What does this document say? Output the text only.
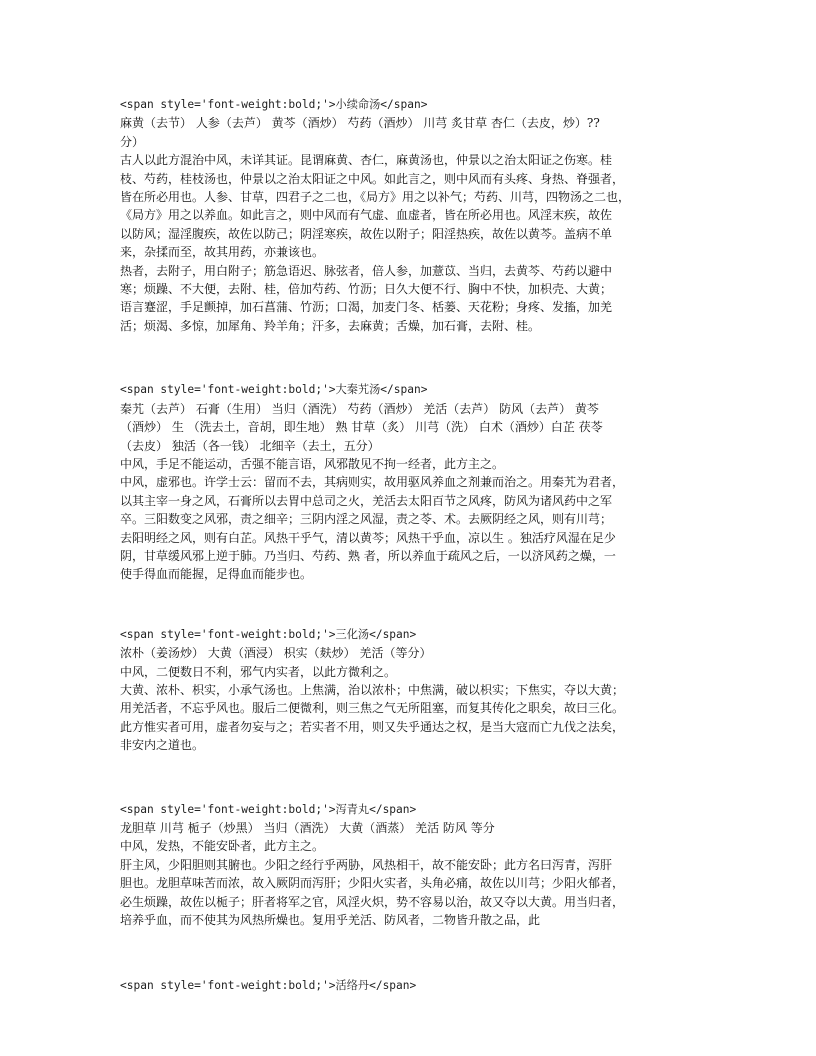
<span style='font-weight:bold;'>小续命汤</span>
麻黄（去节） 人参（去芦） 黄芩（酒炒） 芍药（酒炒） 川芎 炙甘草 杏仁（去皮，炒）??
分）
古人以此方混治中风，未详其证。昆谓麻黄、杏仁，麻黄汤也，仲景以之治太阳证之伤寒。桂
枝、芍药，桂枝汤也，仲景以之治太阳证之中风。如此言之，则中风而有头疼、身热、脊强者，
皆在所必用也。人参、甘草，四君子之二也，《局方》用之以补气；芍药、川芎，四物汤之二也，
《局方》用之以养血。如此言之，则中风而有气虚、血虚者，皆在所必用也。风淫末疾，故佐
以防风；湿淫腹疾，故佐以防己；阴淫寒疾，故佐以附子；阳淫热疾，故佐以黄芩。盖病不单
来，杂揉而至，故其用药，亦兼该也。
热者，去附子，用白附子；筋急语迟、脉弦者，倍人参，加薏苡、当归，去黄芩、芍药以避中
寒；烦躁、不大便，去附、桂，倍加芍药、竹沥；日久大便不行、胸中不快，加枳壳、大黄；
语言蹇涩，手足颤掉，加石菖蒲、竹沥；口渴，加麦门冬、栝蒌、天花粉；身疼、发搐，加羌
活；烦渴、多惊，加犀角、羚羊角；汗多，去麻黄；舌燥，加石膏，去附、桂。
<span style='font-weight:bold;'>大秦艽汤</span>
秦艽（去芦） 石膏（生用） 当归（酒洗） 芍药（酒炒） 羌活（去芦） 防风（去芦） 黄芩
（酒炒） 生 （洗去土，音胡，即生地） 熟 甘草（炙） 川芎（洗） 白术（酒炒）白芷 茯苓
（去皮） 独活（各一钱） 北细辛（去土，五分）
中风，手足不能运动，舌强不能言语，风邪散见不拘一经者，此方主之。
中风，虚邪也。许学士云：留而不去，其病则实，故用驱风养血之剂兼而治之。用秦艽为君者，
以其主宰一身之风，石膏所以去胃中总司之火，羌活去太阳百节之风疼，防风为诸风药中之军
卒。三阳数变之风邪，责之细辛；三阴内淫之风湿，责之苓、术。去厥阴经之风，则有川芎；
去阳明经之风，则有白芷。风热干乎气，清以黄芩；风热干乎血，凉以生 。独活疗风湿在足少
阴，甘草缓风邪上逆于肺。乃当归、芍药、熟 者，所以养血于疏风之后，一以济风药之燥，一
使手得血而能握，足得血而能步也。
<span style='font-weight:bold;'>三化汤</span>
浓朴（姜汤炒） 大黄（酒浸） 枳实（麸炒） 羌活（等分）
中风，二便数日不利，邪气内实者，以此方微利之。
大黄、浓朴、枳实，小承气汤也。上焦满，治以浓朴；中焦满，破以枳实；下焦实，夺以大黄；
用羌活者，不忘乎风也。服后二便微利，则三焦之气无所阻塞，而复其传化之职矣，故曰三化。
此方惟实者可用，虚者勿妄与之；若实者不用，则又失乎通达之权，是当大寇而亡九伐之法矣，
非安内之道也。
<span style='font-weight:bold;'>泻青丸</span>
龙胆草 川芎 栀子（炒黑） 当归（酒洗） 大黄（酒蒸） 羌活 防风 等分
中风，发热，不能安卧者，此方主之。
肝主风，少阳胆则其腑也。少阳之经行乎两胁，风热相干，故不能安卧；此方名曰泻青，泻肝
胆也。龙胆草味苦而浓，故入厥阴而泻肝；少阳火实者，头角必痛，故佐以川芎；少阳火郁者，
必生烦躁，故佐以栀子；肝者将军之官，风淫火炽，势不容易以治，故又夺以大黄。用当归者，
培养乎血，而不使其为风热所燥也。复用乎羌活、防风者，二物皆升散之品，此
<span style='font-weight:bold;'>活络丹</span>
